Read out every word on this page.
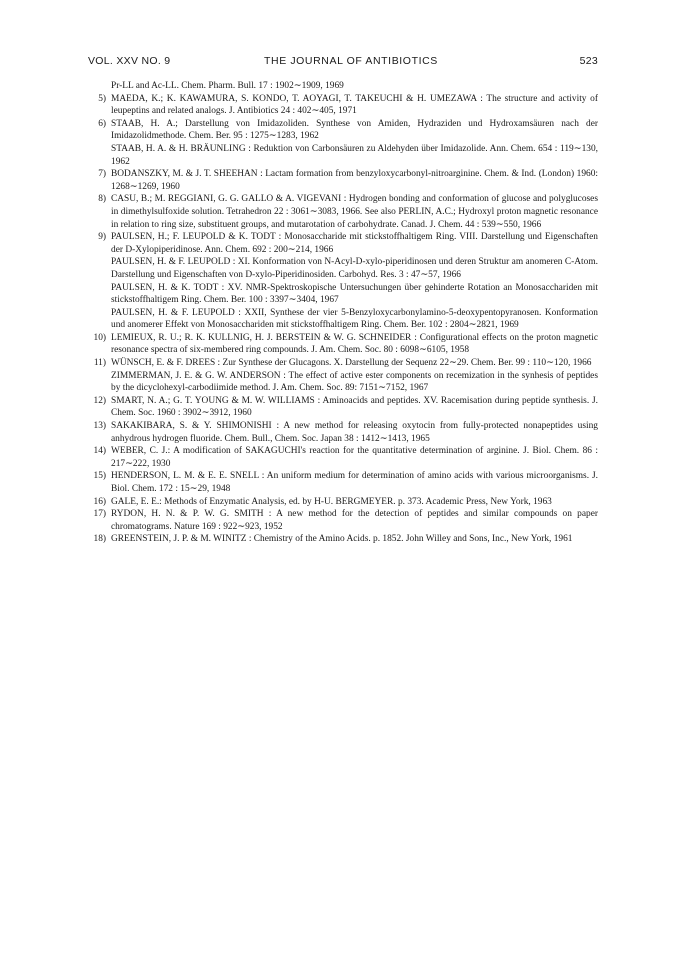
VOL. XXV NO. 9	THE JOURNAL OF ANTIBIOTICS	523
Pr-LL and Ac-LL. Chem. Pharm. Bull. 17 : 1902∼1909, 1969
5) MAEDA, K.; K. KAWAMURA, S. KONDO, T. AOYAGI, T. TAKEUCHI & H. UMEZAWA : The structure and activity of leupeptins and related analogs. J. Antibiotics 24 : 402∼405, 1971
6) STAAB, H. A.; Darstellung von Imidazoliden. Synthese von Amiden, Hydraziden und Hydroxamsäuren nach der Imidazolidmethode. Chem. Ber. 95 : 1275∼1283, 1962
STAAB, H. A. & H. BRÄUNLING : Reduktion von Carbonsäuren zu Aldehyden über Imidazolide. Ann. Chem. 654 : 119∼130, 1962
7) BODANSZKY, M. & J. T. SHEEHAN : Lactam formation from benzyloxycarbonyl-nitroarginine. Chem. & Ind. (London) 1960: 1268∼1269, 1960
8) CASU, B.; M. REGGIANI, G. G. GALLO & A. VIGEVANI : Hydrogen bonding and conformation of glucose and polyglucoses in dimethylsulfoxide solution. Tetrahedron 22 : 3061∼3083, 1966. See also PERLIN, A.C.; Hydroxyl proton magnetic resonance in relation to ring size, substituent groups, and mutarotation of carbohydrate. Canad. J. Chem. 44 : 539∼550, 1966
9) PAULSEN, H.; F. LEUPOLD & K. TODT : Monosaccharide mit stickstoffhaltigem Ring. VIII. Darstellung und Eigenschaften der D-Xylopiperidinose. Ann. Chem. 692 : 200∼214, 1966
PAULSEN, H. & F. LEUPOLD : XI. Konformation von N-Acyl-D-xylo-piperidinosen und deren Struktur am anomeren C-Atom. Darstellung und Eigenschaften von D-xylo-Piperidinosiden. Carbohyd. Res. 3 : 47∼57, 1966
PAULSEN, H. & K. TODT : XV. NMR-Spektroskopische Untersuchungen über gehinderte Rotation an Monosacchariden mit stickstoffhaltigem Ring. Chem. Ber. 100 : 3397∼3404, 1967
PAULSEN, H. & F. LEUPOLD : XXII, Synthese der vier 5-Benzyloxycarbonylamino-5-deoxypentopyranosen. Konformation und anomerer Effekt von Monosacchariden mit stickstoffhaltigem Ring. Chem. Ber. 102 : 2804∼2821, 1969
10) LEMIEUX, R. U.; R. K. KULLNIG, H. J. BERSTEIN & W. G. SCHNEIDER : Configurational effects on the proton magnetic resonance spectra of six-membered ring compounds. J. Am. Chem. Soc. 80 : 6098∼6105, 1958
11) WÜNSCH, E. & F. DREES : Zur Synthese der Glucagons. X. Darstellung der Sequenz 22∼29. Chem. Ber. 99 : 110∼120, 1966
ZIMMERMAN, J. E. & G. W. ANDERSON : The effect of active ester components on recemization in the synhesis of peptides by the dicyclohexyl-carbodiimide method. J. Am. Chem. Soc. 89: 7151∼7152, 1967
12) SMART, N. A.; G. T. YOUNG & M. W. WILLIAMS : Aminoacids and peptides. XV. Racemisation during peptide synthesis. J. Chem. Soc. 1960 : 3902∼3912, 1960
13) SAKAKIBARA, S. & Y. SHIMONISHI : A new method for releasing oxytocin from fully-protected nonapeptides using anhydrous hydrogen fluoride. Chem. Bull., Chem. Soc. Japan 38 : 1412∼1413, 1965
14) WEBER, C. J.: A modification of SAKAGUCHI's reaction for the quantitative determination of arginine. J. Biol. Chem. 86 : 217∼222, 1930
15) HENDERSON, L. M. & E. E. SNELL : An uniform medium for determination of amino acids with various microorganisms. J. Biol. Chem. 172 : 15∼29, 1948
16) GALE, E. E.: Methods of Enzymatic Analysis, ed. by H-U. BERGMEYER. p. 373. Academic Press, New York, 1963
17) RYDON, H. N. & P. W. G. SMITH : A new method for the detection of peptides and similar compounds on paper chromatograms. Nature 169 : 922∼923, 1952
18) GREENSTEIN, J. P. & M. WINITZ : Chemistry of the Amino Acids. p. 1852. John Willey and Sons, Inc., New York, 1961
